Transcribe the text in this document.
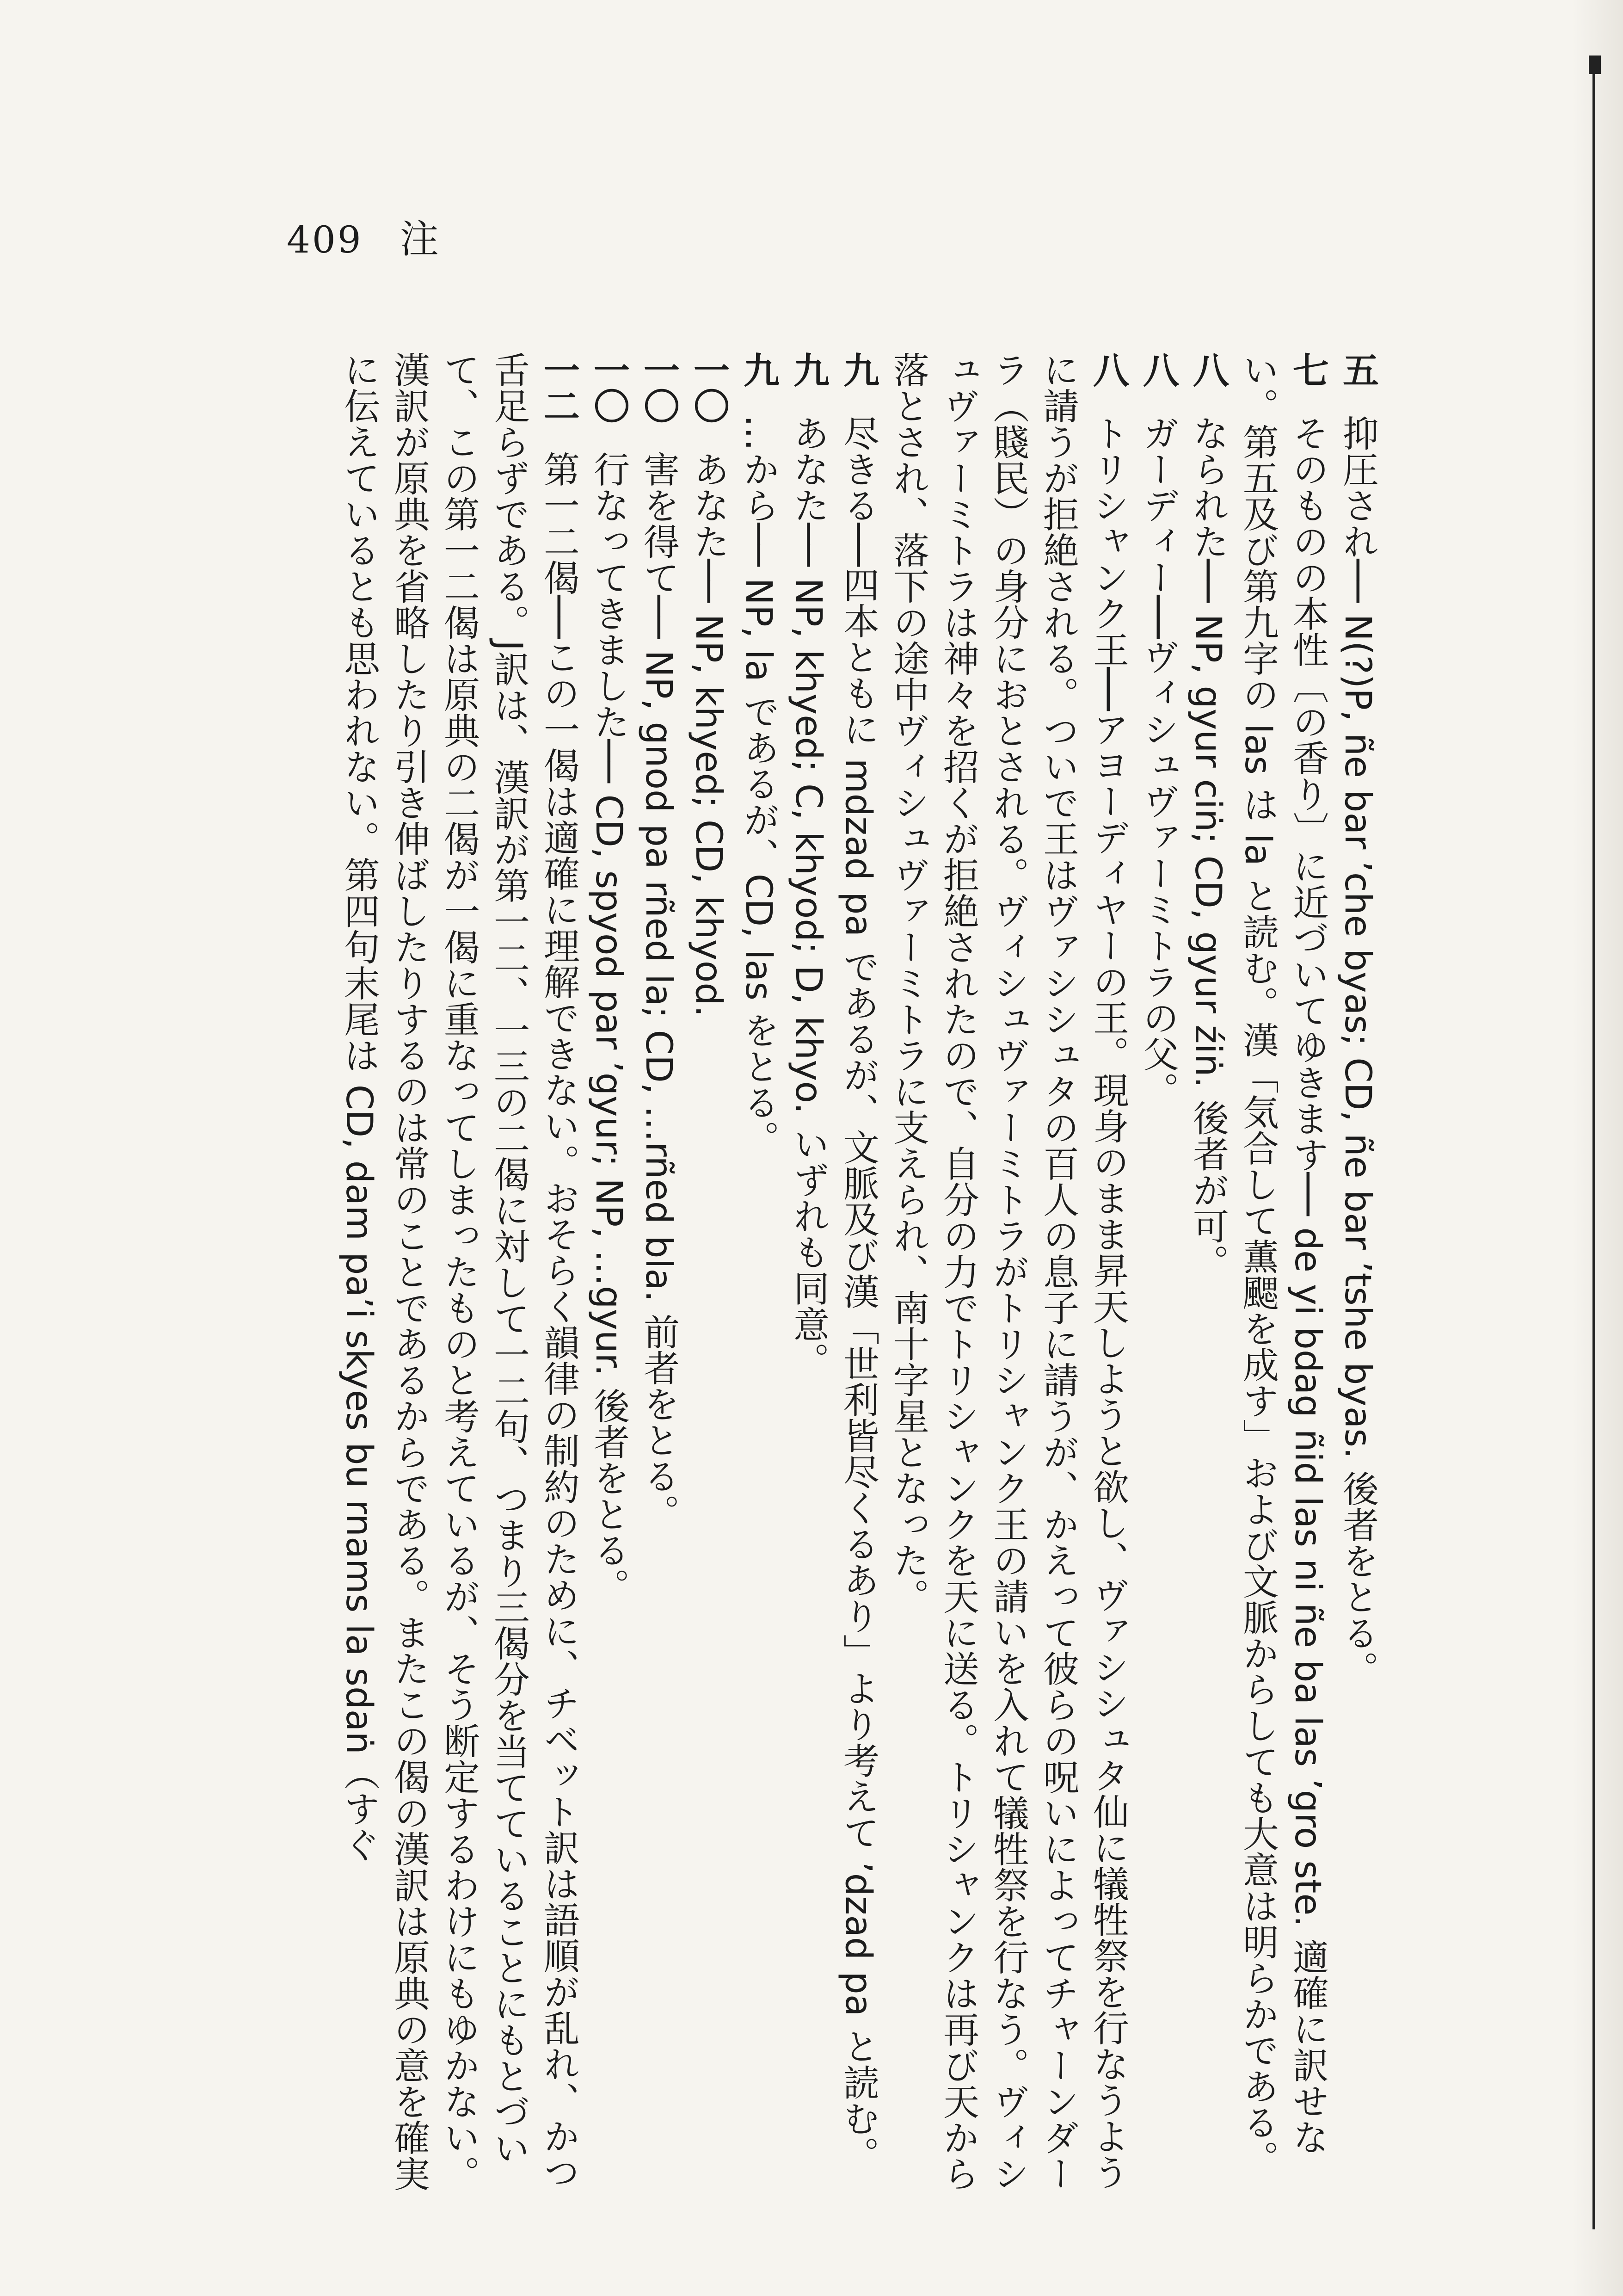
409 注
五 抑圧され── N(?)P, ñe bar ’che byas; CD, ñe bar ’tshe byas. 後者をとる。
七 そのものの本性〔の香り〕に近づいてゆきます── de yi bdag ñid las ni ñe ba las ’gro ste. 適確に訳せない。第五及び第九字の las は la と読む。漢「気合して薫颸を成す」および文脈からしても大意は明らかである。
八 なられた── NP, gyur ciṅ; CD, gyur źiṅ. 後者が可。
八 ガーディー──ヴィシュヴァーミトラの父。
八 トリシャンク王──アヨーディヤーの王。現身のまま昇天しようと欲し、ヴァシシュタ仙に犠牲祭を行なうように請うが拒絶される。ついで王はヴァシシュタの百人の息子に請うが、かえって彼らの呪いによってチャーンダーラ（賤民）の身分におとされる。ヴィシュヴァーミトラがトリシャンク王の請いを入れて犠牲祭を行なう。ヴィシュヴァーミトラは神々を招くが拒絶されたので、自分の力でトリシャンクを天に送る。トリシャンクは再び天から落とされ、落下の途中ヴィシュヴァーミトラに支えられ、南十字星となった。
九 尽きる──四本ともに mdzad pa であるが、文脈及び漢「世利皆尽くるあり」より考えて ’dzad pa と読む。
九 あなた── NP, khyed; C, khyod; D, khyo. いずれも同意。
九 …から── NP, la であるが、CD, las をとる。
一〇 あなた── NP, khyed; CD, khyod.
一〇 害を得て── NP, gnod pa rñed la; CD, …rñed bla. 前者をとる。
一〇 行なってきました── CD, spyod par ’gyur; NP, …gyur. 後者をとる。
一二 第一二偈──この一偈は適確に理解できない。おそらく韻律の制約のために、チベット訳は語順が乱れ、かつ舌足らずである。J訳は、漢訳が第一二、一三の二偈に対して一二句、つまり三偈分を当てていることにもとづいて、この第一二偈は原典の二偈が一偈に重なってしまったものと考えているが、そう断定するわけにもゆかない。漢訳が原典を省略したり引き伸ばしたりするのは常のことであるからである。またこの偈の漢訳は原典の意を確実に伝えているとも思われない。第四句末尾は CD, dam pa’i skyes bu rnams la sdaṅ（すぐ
